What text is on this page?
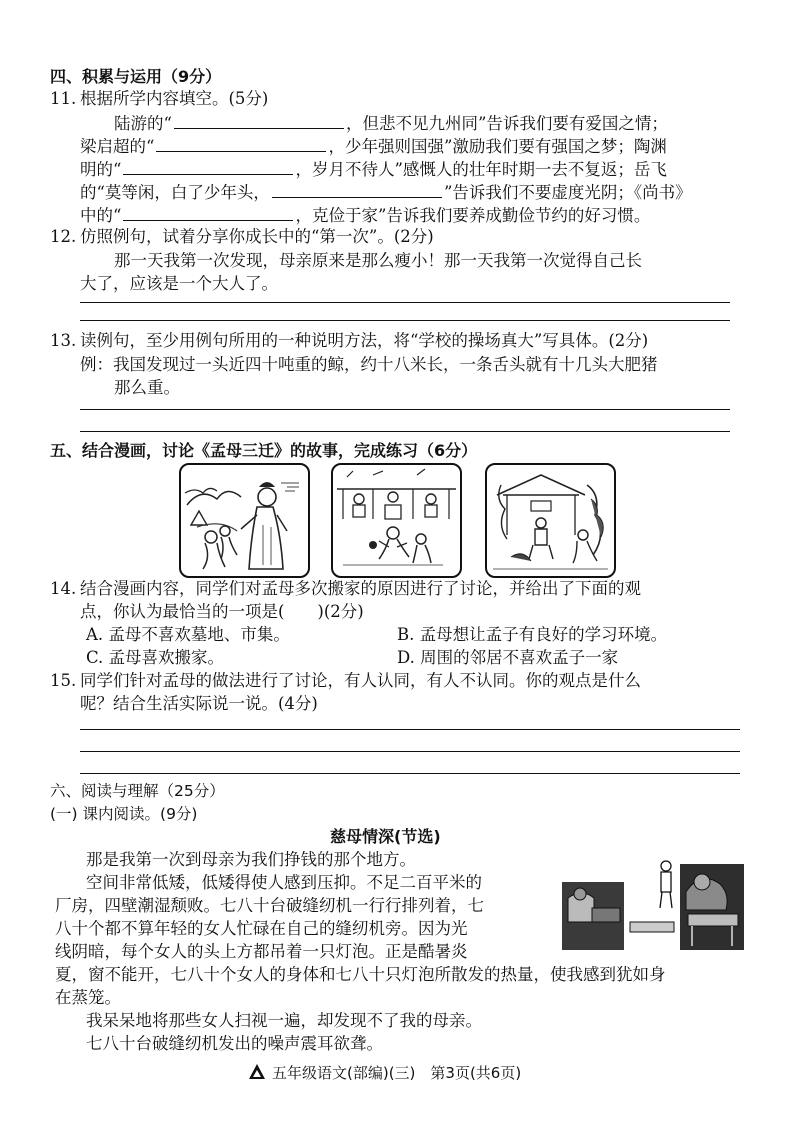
四、积累与运用（9分）
11. 根据所学内容填空。(5分)
陆游的“	，但悲不见九州同”告诉我们要有爱国之情；
梁启超的“	，少年强则国强”激励我们要有强国之梦；陶渊
明的“	，岁月不待人”感慨人的壮年时期一去不复返；岳飞
的“莫等闲，白了少年头，	”告诉我们不要虚度光阴；《尚书》
中的“	，克俭于家”告诉我们要养成勤俭节约的好习惯。
12. 仿照例句，试着分享你成长中的“第一次”。(2分)
那一天我第一次发现，母亲原来是那么瘦小！那一天我第一次觉得自己长
大了，应该是一个大人了。
13. 读例句，至少用例句所用的一种说明方法，将“学校的操场真大”写具体。(2分)
例：我国发现过一头近四十吨重的鲸，约十八米长，一条舌头就有十几头大肥猪
那么重。
五、结合漫画，讨论《孟母三迁》的故事，完成练习（6分）
14. 结合漫画内容，同学们对孟母多次搬家的原因进行了讨论，并给出了下面的观
点，你认为最恰当的一项是(　　)(2分)
A. 孟母不喜欢墓地、市集。	B. 孟母想让孟子有良好的学习环境。
C. 孟母喜欢搬家。	D. 周围的邻居不喜欢孟子一家
15. 同学们针对孟母的做法进行了讨论，有人认同，有人不认同。你的观点是什么
呢？结合生活实际说一说。(4分)
六、阅读与理解（25分）
(一) 课内阅读。(9分)
慈母情深(节选)
那是我第一次到母亲为我们挣钱的那个地方。
空间非常低矮，低矮得使人感到压抑。不足二百平米的
厂房，四壁潮湿颓败。七八十台破缝纫机一行行排列着，七
八十个都不算年轻的女人忙碌在自己的缝纫机旁。因为光
线阴暗，每个女人的头上方都吊着一只灯泡。正是酷暑炎
夏，窗不能开，七八十个女人的身体和七八十只灯泡所散发的热量，使我感到犹如身
在蒸笼。
我呆呆地将那些女人扫视一遍，却发现不了我的母亲。
七八十台破缝纫机发出的噪声震耳欲聋。
五年级语文(部编)(三)　第3页(共6页)
